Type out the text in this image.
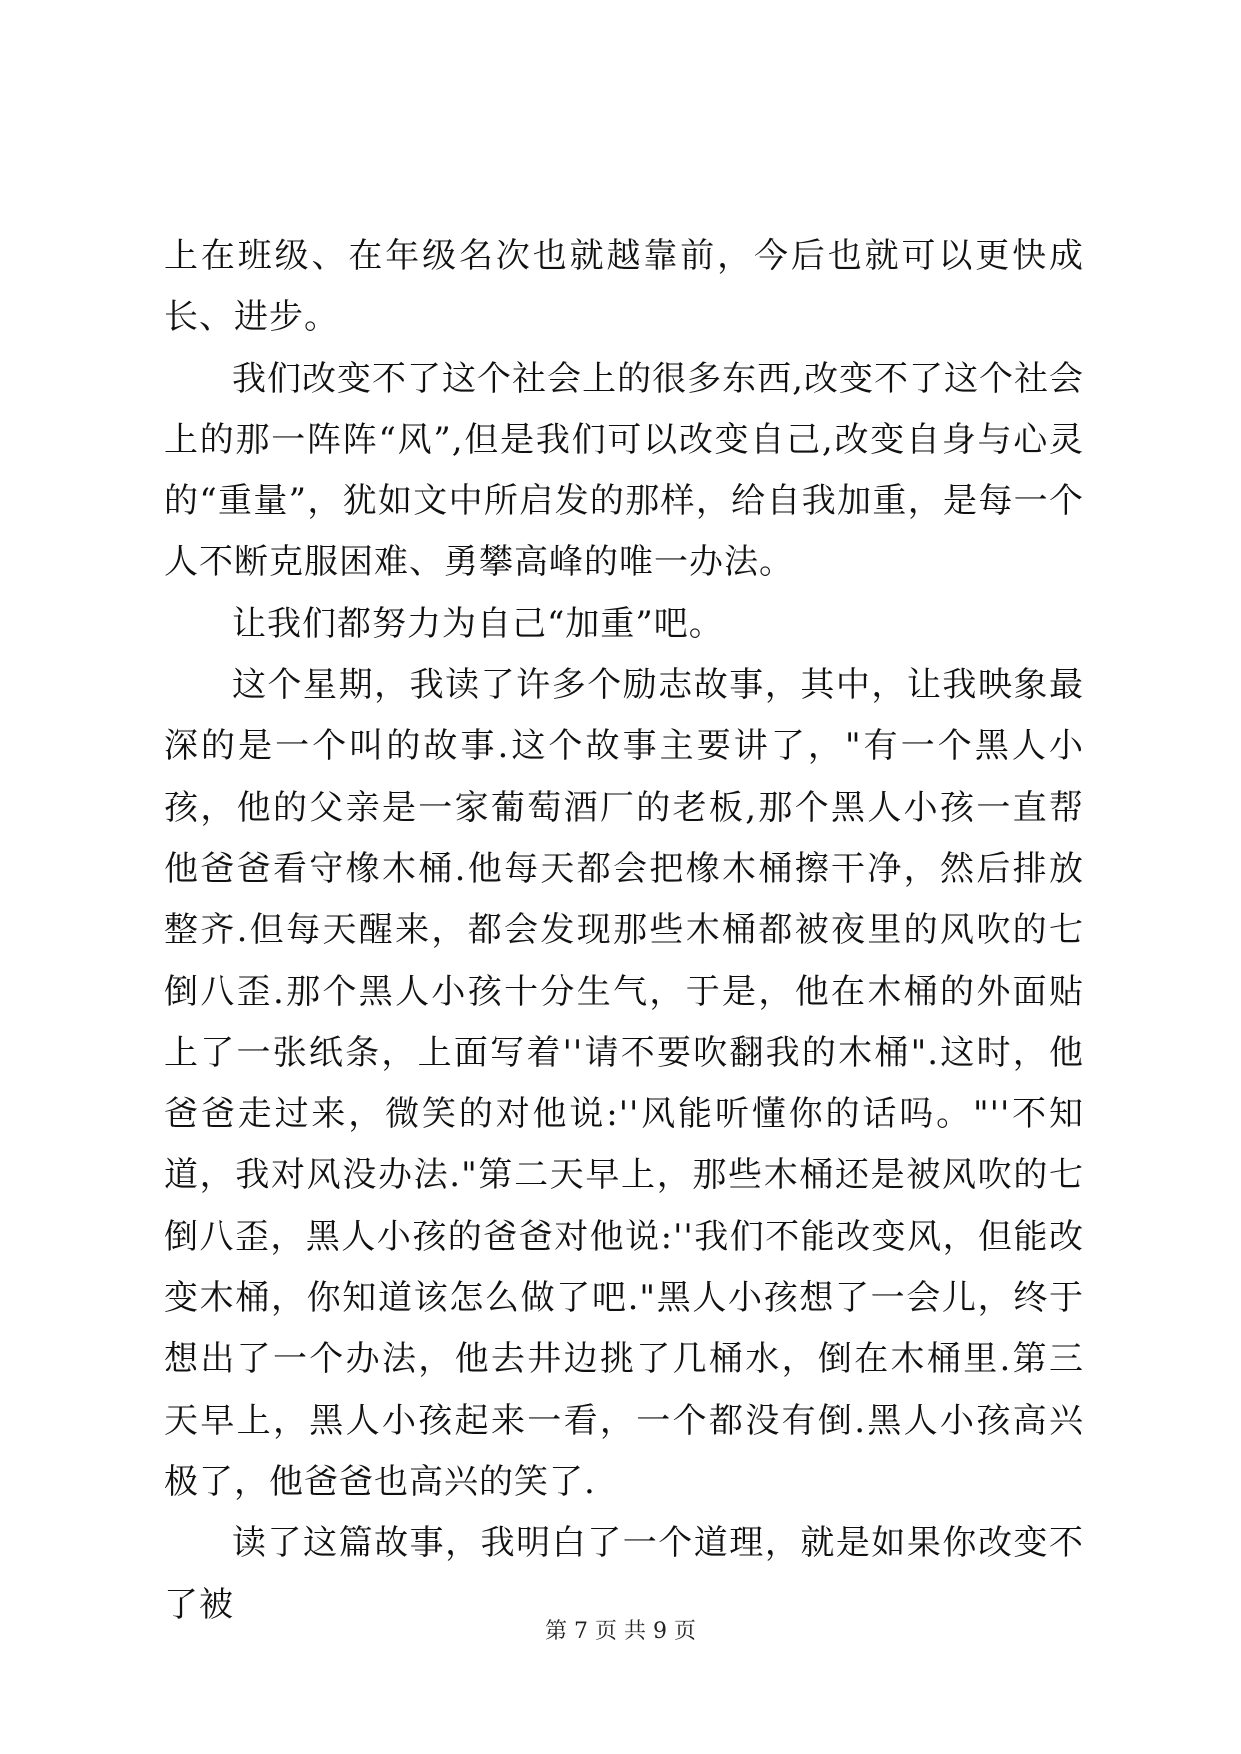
上在班级、在年级名次也就越靠前，今后也就可以更快成长、进步。

我们改变不了这个社会上的很多东西,改变不了这个社会上的那一阵阵“风”,但是我们可以改变自己,改变自身与心灵的“重量”，犹如文中所启发的那样，给自我加重，是每一个人不断克服困难、勇攀高峰的唯一办法。

让我们都努力为自己“加重”吧。

这个星期，我读了许多个励志故事，其中，让我映象最深的是一个叫的故事.这个故事主要讲了，"有一个黑人小孩，他的父亲是一家葡萄酒厂的老板,那个黑人小孩一直帮他爸爸看守橡木桶.他每天都会把橡木桶擦干净，然后排放整齐.但每天醒来，都会发现那些木桶都被夜里的风吹的七倒八歪.那个黑人小孩十分生气，于是，他在木桶的外面贴上了一张纸条，上面写着''请不要吹翻我的木桶".这时，他爸爸走过来，微笑的对他说:''风能听懂你的话吗。"''不知道，我对风没办法."第二天早上，那些木桶还是被风吹的七倒八歪，黑人小孩的爸爸对他说:''我们不能改变风，但能改变木桶，你知道该怎么做了吧."黑人小孩想了一会儿，终于想出了一个办法，他去井边挑了几桶水，倒在木桶里.第三天早上，黑人小孩起来一看，一个都没有倒.黑人小孩高兴极了，他爸爸也高兴的笑了.

读了这篇故事，我明白了一个道理，就是如果你改变不了被

第 7 页 共 9 页
